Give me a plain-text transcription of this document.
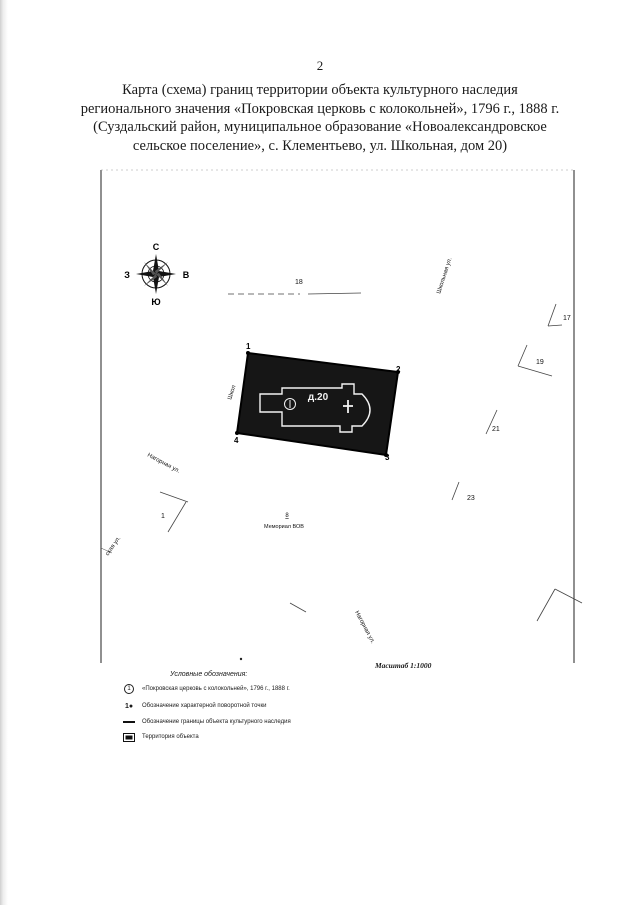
2
Карта (схема) границ территории объекта культурного наследия
регионального значения «Покровская церковь с колокольней», 1796 г., 1888 г.
(Суздальский район, муниципальное образование «Новоалександровское
сельское поселение», с. Клементьево, ул. Школьная, дом 20)
С
Ю
З	В
18
17
19
21
23
1
Школьная ул.
Школ
Нагорная ул.
Нагорная ул.
ская ул.
8
Мемориал ВОВ
д.20
1
2
3
4
Масштаб 1:1000
Условные обозначения:
1	«Покровская церковь с колокольней», 1796 г., 1888 г.
1●	Обозначение характерной поворотной точки
Обозначение границы объекта культурного наследия
Территория объекта
